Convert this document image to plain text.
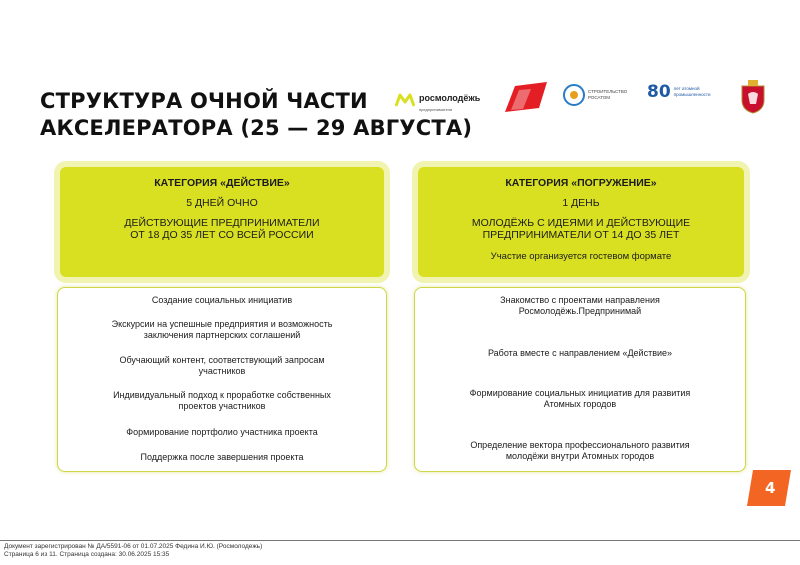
СТРУКТУРА ОЧНОЙ ЧАСТИ
АКСЕЛЕРАТОРА (25 — 29 АВГУСТА)
росмолодёжь
предприниматели
СТРОИТЕЛЬСТВО РОСАТОМ	80 лет атомной промышленности
КАТЕГОРИЯ «ДЕЙСТВИЕ»
5 ДНЕЙ ОЧНО
ДЕЙСТВУЮЩИЕ ПРЕДПРИНИМАТЕЛИ
ОТ 18 ДО 35 ЛЕТ СО ВСЕЙ РОССИИ
КАТЕГОРИЯ «ПОГРУЖЕНИЕ»
1 ДЕНЬ
МОЛОДЁЖЬ С ИДЕЯМИ И ДЕЙСТВУЮЩИЕ
ПРЕДПРИНИМАТЕЛИ ОТ 14 ДО 35 ЛЕТ
Участие организуется гостевом формате
Создание социальных инициатив
Экскурсии на успешные предприятия и возможность
заключения партнерских соглашений
Обучающий контент, соответствующий запросам
участников
Индивидуальный подход к проработке собственных
проектов участников
Формирование портфолио участника проекта
Поддержка после завершения проекта
Знакомство с проектами направления
Росмолодёжь.Предпринимай
Работа вместе с направлением «Действие»
Формирование социальных инициатив для развития
Атомных городов
Определение вектора профессионального развития
молодёжи внутри Атомных городов
4
Документ зарегистрирован № ДА/5591-06 от 01.07.2025 Федина И.Ю. (Росмолодежь)
Страница 6 из 11. Страница создана: 30.06.2025 15:35
